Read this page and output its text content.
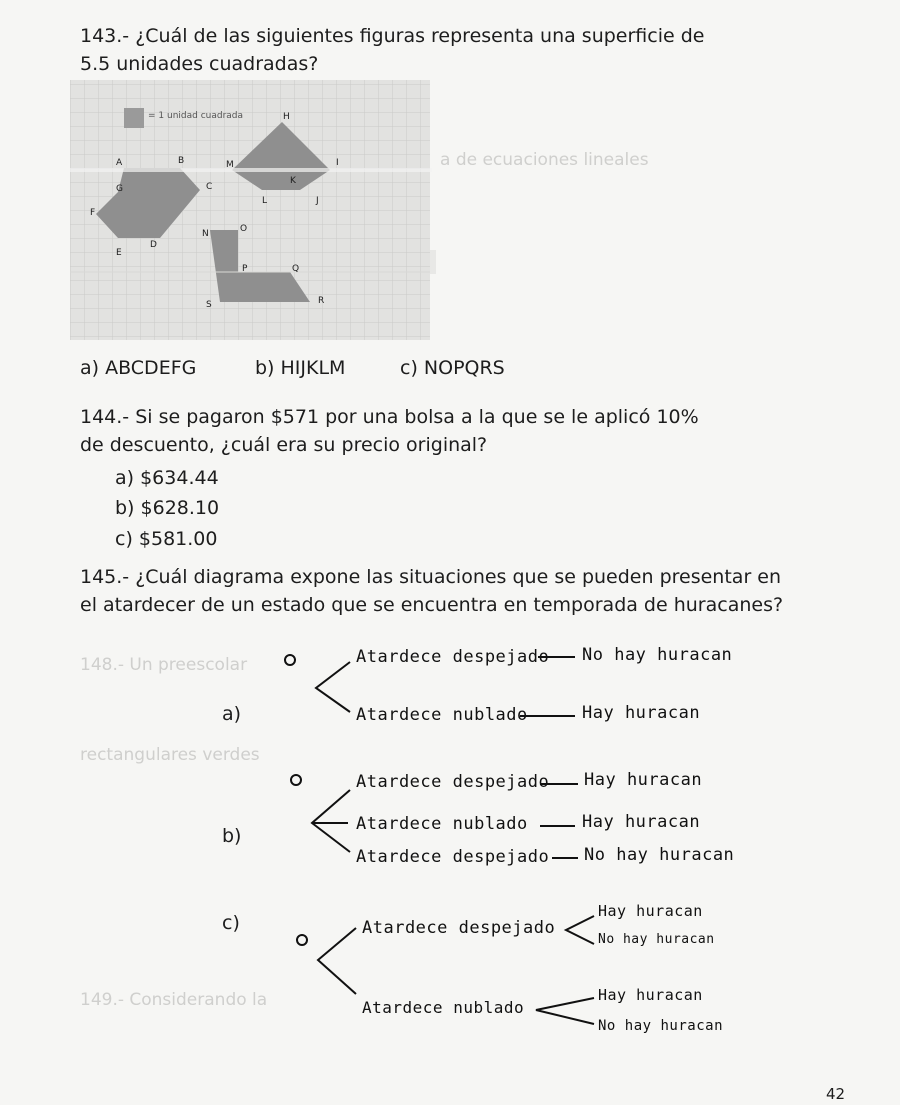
a de ecuaciones lineales
148.- Un preescolar
rectangulares verdes
149.- Considerando la
143.- ¿Cuál de las siguientes figuras representa una superficie de 5.5 unidades cuadradas?
= 1 unidad cuadrada
A	B
C
D
E
F
G
H
I
J
K
L
M
N	O
P	Q
R
S
a) ABCDEFG	b) HIJKLM	c) NOPQRS
144.- Si se pagaron $571 por una bolsa a la que se le aplicó 10% de descuento, ¿cuál era su precio original?
a) $634.44
b) $628.10
c) $581.00
145.- ¿Cuál diagrama expone las situaciones que se pueden presentar en el atardecer de un estado que se encuentra en temporada de huracanes?
a)
Atardece despejado No hay huracan
Atardece nublado	Hay huracan
b)
Atardece despejado Hay huracan
Atardece nublado	Hay huracan
Atardece despejado No hay huracan
c)	Atardece despejado
Hay huracan
No hay huracan
Atardece nublado
Hay huracan
No hay huracan
42
